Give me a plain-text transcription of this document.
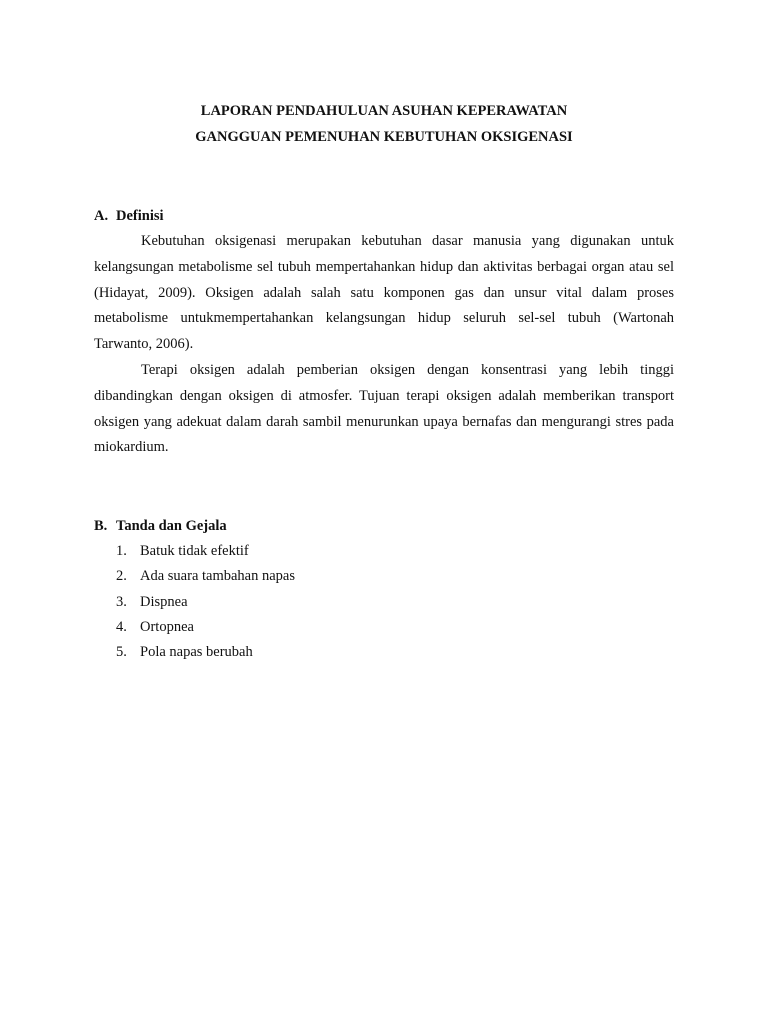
LAPORAN PENDAHULUAN ASUHAN KEPERAWATAN

GANGGUAN PEMENUHAN KEBUTUHAN OKSIGENASI

A. Definisi

Kebutuhan oksigenasi merupakan kebutuhan dasar manusia yang digunakan untuk kelangsungan metabolisme sel tubuh mempertahankan hidup dan aktivitas berbagai organ atau sel (Hidayat, 2009). Oksigen adalah salah satu komponen gas dan unsur vital dalam proses metabolisme untukmempertahankan kelangsungan hidup seluruh sel-sel tubuh (Wartonah Tarwanto, 2006).

Terapi oksigen adalah pemberian oksigen dengan konsentrasi yang lebih tinggi dibandingkan dengan oksigen di atmosfer. Tujuan terapi oksigen adalah memberikan transport oksigen yang adekuat dalam darah sambil menurunkan upaya bernafas dan mengurangi stres pada miokardium.

B. Tanda dan Gejala

1. Batuk tidak efektif
2. Ada suara tambahan napas
3. Dispnea
4. Ortopnea
5. Pola napas berubah
